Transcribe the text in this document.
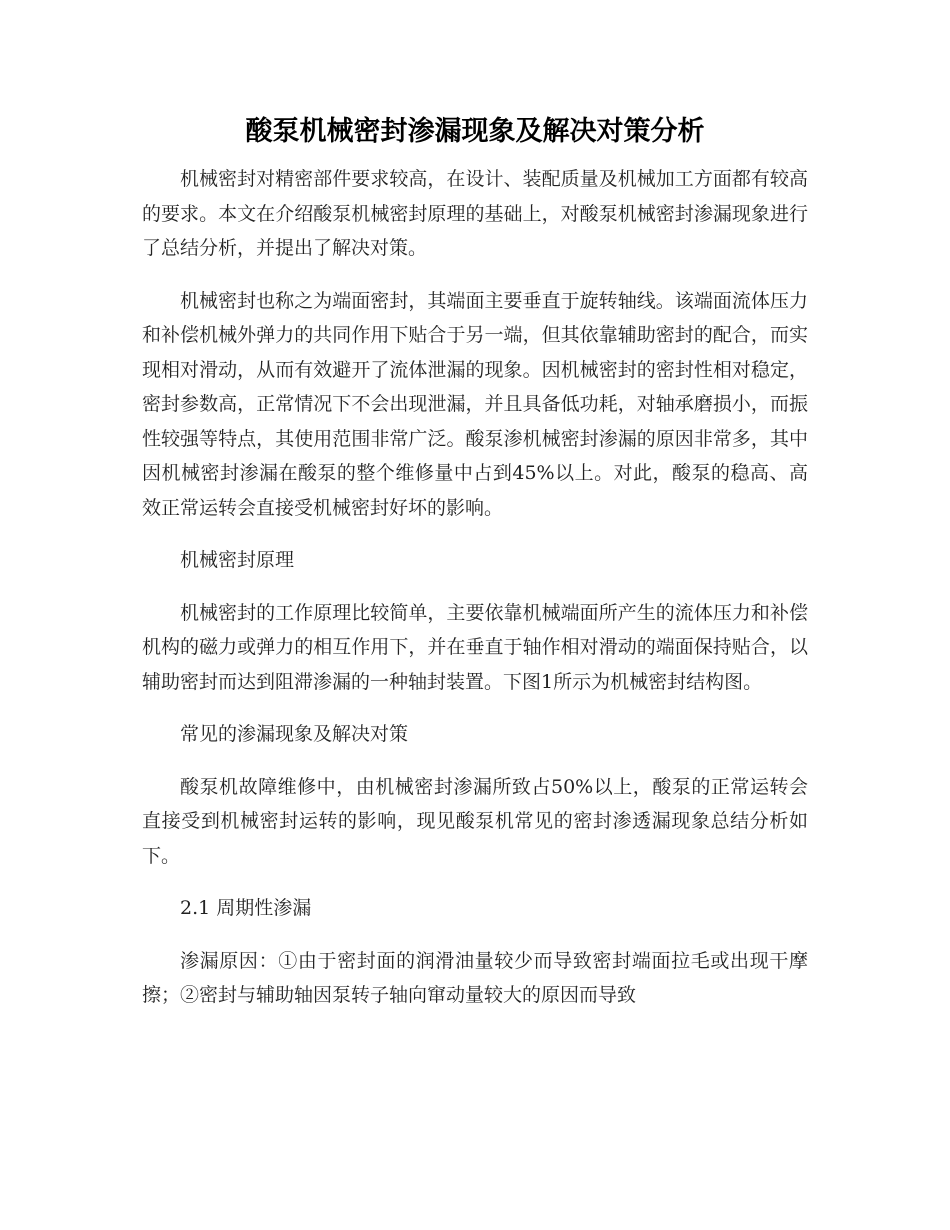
酸泵机械密封渗漏现象及解决对策分析

机械密封对精密部件要求较高，在设计、装配质量及机械加工方面都有较高的要求。本文在介绍酸泵机械密封原理的基础上，对酸泵机械密封渗漏现象进行了总结分析，并提出了解决对策。

机械密封也称之为端面密封，其端面主要垂直于旋转轴线。该端面流体压力和补偿机械外弹力的共同作用下贴合于另一端，但其依靠辅助密封的配合，而实现相对滑动，从而有效避开了流体泄漏的现象。因机械密封的密封性相对稳定，密封参数高，正常情况下不会出现泄漏，并且具备低功耗，对轴承磨损小，而振性较强等特点，其使用范围非常广泛。酸泵渗机械密封渗漏的原因非常多，其中因机械密封渗漏在酸泵的整个维修量中占到45%以上。对此，酸泵的稳高、高效正常运转会直接受机械密封好坏的影响。

机械密封原理

机械密封的工作原理比较简单，主要依靠机械端面所产生的流体压力和补偿机构的磁力或弹力的相互作用下，并在垂直于轴作相对滑动的端面保持贴合，以辅助密封而达到阻滞渗漏的一种轴封装置。下图1所示为机械密封结构图。

常见的渗漏现象及解决对策

酸泵机故障维修中，由机械密封渗漏所致占50%以上，酸泵的正常运转会直接受到机械密封运转的影响，现见酸泵机常见的密封渗透漏现象总结分析如下。

2.1 周期性渗漏

渗漏原因：①由于密封面的润滑油量较少而导致密封端面拉毛或出现干摩擦；②密封与辅助轴因泵转子轴向窜动量较大的原因而导致
